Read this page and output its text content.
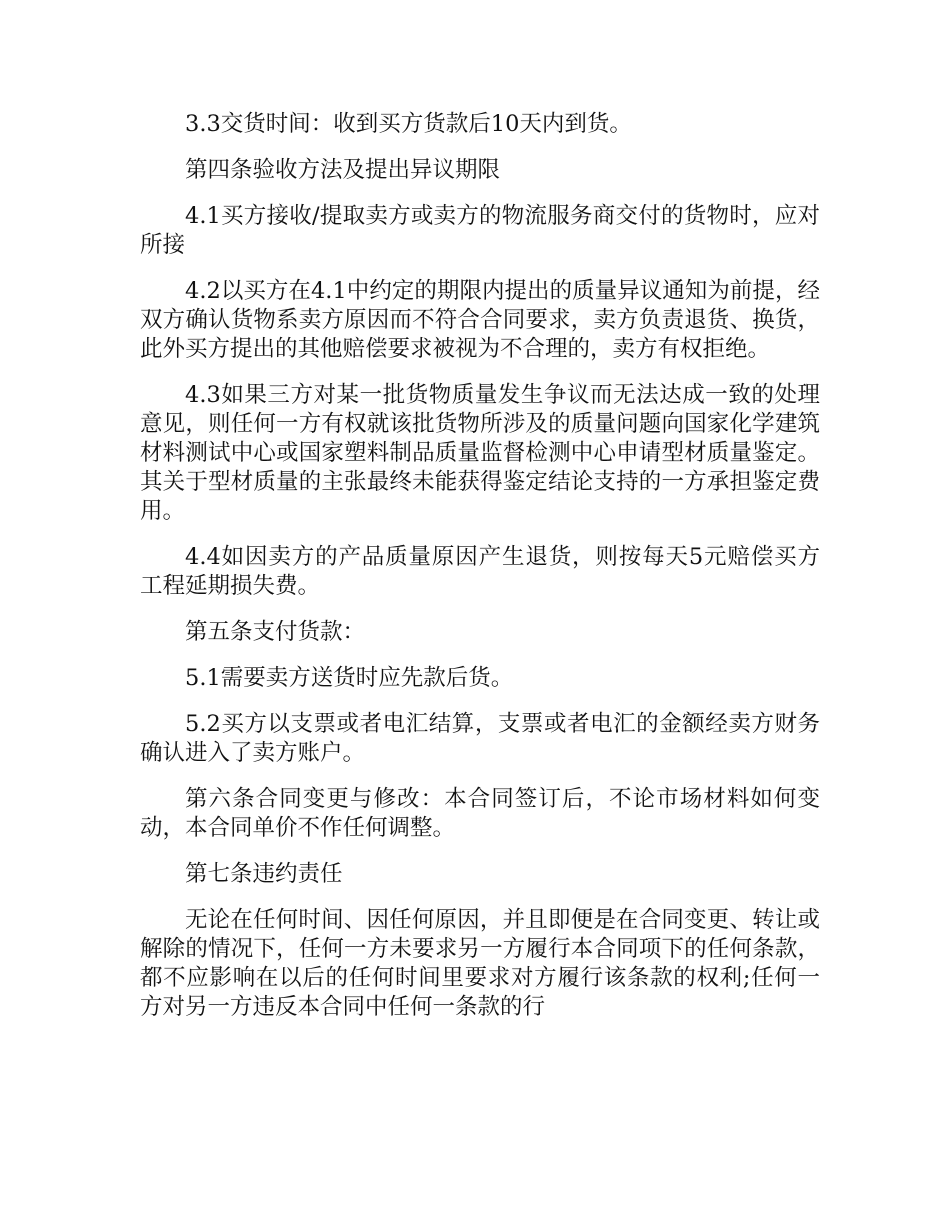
3.3交货时间：收到买方货款后10天内到货。

第四条验收方法及提出异议期限

4.1买方接收/提取卖方或卖方的物流服务商交付的货物时，应对所接

4.2以买方在4.1中约定的期限内提出的质量异议通知为前提，经双方确认货物系卖方原因而不符合合同要求，卖方负责退货、换货，此外买方提出的其他赔偿要求被视为不合理的，卖方有权拒绝。

4.3如果三方对某一批货物质量发生争议而无法达成一致的处理意见，则任何一方有权就该批货物所涉及的质量问题向国家化学建筑材料测试中心或国家塑料制品质量监督检测中心申请型材质量鉴定。其关于型材质量的主张最终未能获得鉴定结论支持的一方承担鉴定费用。

4.4如因卖方的产品质量原因产生退货，则按每天5元赔偿买方工程延期损失费。

第五条支付货款：

5.1需要卖方送货时应先款后货。

5.2买方以支票或者电汇结算，支票或者电汇的金额经卖方财务确认进入了卖方账户。

第六条合同变更与修改：本合同签订后，不论市场材料如何变动，本合同单价不作任何调整。

第七条违约责任

无论在任何时间、因任何原因，并且即便是在合同变更、转让或解除的情况下，任何一方未要求另一方履行本合同项下的任何条款，都不应影响在以后的任何时间里要求对方履行该条款的权利;任何一方对另一方违反本合同中任何一条款的行
